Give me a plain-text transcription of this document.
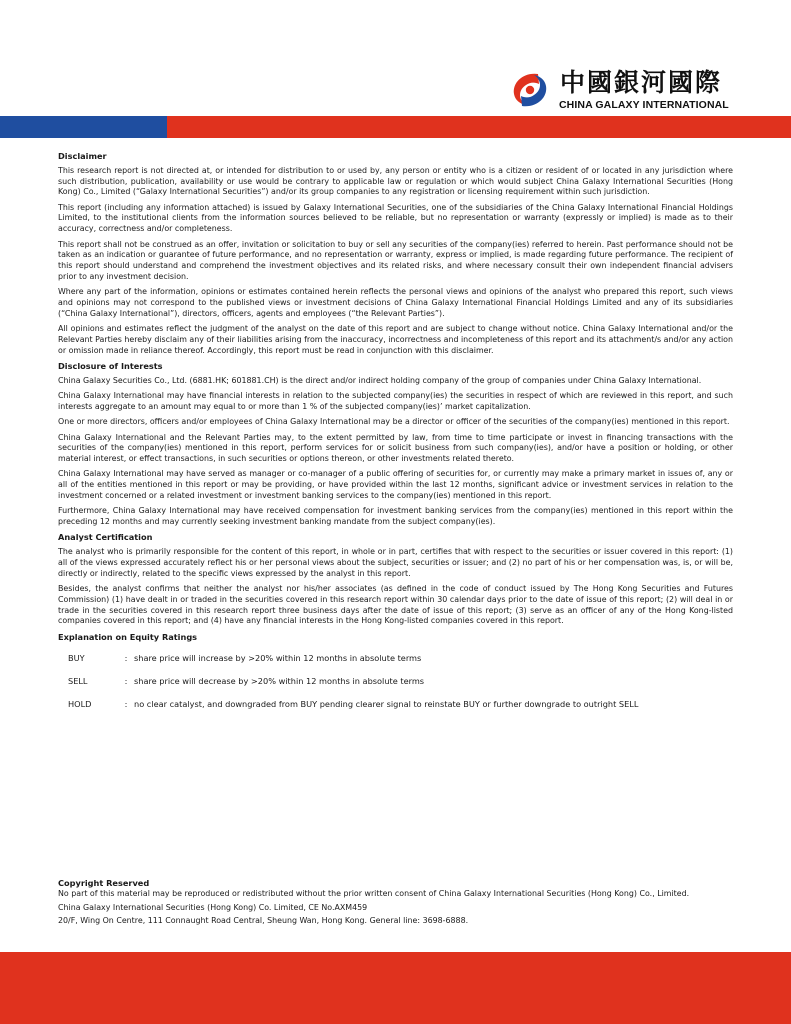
中國銀河國際
CHINA GALAXY INTERNATIONAL
Disclaimer

This research report is not directed at, or intended for distribution to or used by, any person or entity who is a citizen or resident of or located in any jurisdiction where such distribution, publication, availability or use would be contrary to applicable law or regulation or which would subject China Galaxy International Securities (Hong Kong) Co., Limited (“Galaxy International Securities”) and/or its group companies to any registration or licensing requirement within such jurisdiction.

This report (including any information attached) is issued by Galaxy International Securities, one of the subsidiaries of the China Galaxy International Financial Holdings Limited, to the institutional clients from the information sources believed to be reliable, but no representation or warranty (expressly or implied) is made as to their accuracy, correctness and/or completeness.

This report shall not be construed as an offer, invitation or solicitation to buy or sell any securities of the company(ies) referred to herein. Past performance should not be taken as an indication or guarantee of future performance, and no representation or warranty, express or implied, is made regarding future performance. The recipient of this report should understand and comprehend the investment objectives and its related risks, and where necessary consult their own independent financial advisers prior to any investment decision.

Where any part of the information, opinions or estimates contained herein reflects the personal views and opinions of the analyst who prepared this report, such views and opinions may not correspond to the published views or investment decisions of China Galaxy International Financial Holdings Limited and any of its subsidiaries (“China Galaxy International”), directors, officers, agents and employees (“the Relevant Parties”).

All opinions and estimates reflect the judgment of the analyst on the date of this report and are subject to change without notice. China Galaxy International and/or the Relevant Parties hereby disclaim any of their liabilities arising from the inaccuracy, incorrectness and incompleteness of this report and its attachment/s and/or any action or omission made in reliance thereof. Accordingly, this report must be read in conjunction with this disclaimer.

Disclosure of Interests

China Galaxy Securities Co., Ltd. (6881.HK; 601881.CH) is the direct and/or indirect holding company of the group of companies under China Galaxy International.

China Galaxy International may have financial interests in relation to the subjected company(ies) the securities in respect of which are reviewed in this report, and such interests aggregate to an amount may equal to or more than 1 % of the subjected company(ies)’ market capitalization.

One or more directors, officers and/or employees of China Galaxy International may be a director or officer of the securities of the company(ies) mentioned in this report.

China Galaxy International and the Relevant Parties may, to the extent permitted by law, from time to time participate or invest in financing transactions with the securities of the company(ies) mentioned in this report, perform services for or solicit business from such company(ies), and/or have a position or holding, or other material interest, or effect transactions, in such securities or options thereon, or other investments related thereto.

China Galaxy International may have served as manager or co-manager of a public offering of securities for, or currently may make a primary market in issues of, any or all of the entities mentioned in this report or may be providing, or have provided within the last 12 months, significant advice or investment services in relation to the investment concerned or a related investment or investment banking services to the company(ies) mentioned in this report.

Furthermore, China Galaxy International may have received compensation for investment banking services from the company(ies) mentioned in this report within the preceding 12 months and may currently seeking investment banking mandate from the subject company(ies).

Analyst Certification

The analyst who is primarily responsible for the content of this report, in whole or in part, certifies that with respect to the securities or issuer covered in this report: (1) all of the views expressed accurately reflect his or her personal views about the subject, securities or issuer; and (2) no part of his or her compensation was, is, or will be, directly or indirectly, related to the specific views expressed by the analyst in this report.

Besides, the analyst confirms that neither the analyst nor his/her associates (as defined in the code of conduct issued by The Hong Kong Securities and Futures Commission) (1) have dealt in or traded in the securities covered in this research report within 30 calendar days prior to the date of issue of this report; (2) will deal in or trade in the securities covered in this research report three business days after the date of issue of this report; (3) serve as an officer of any of the Hong Kong-listed companies covered in this report; and (4) have any financial interests in the Hong Kong-listed companies covered in this report.

Explanation on Equity Ratings
BUY	: share price will increase by >20% within 12 months in absolute terms
SELL	: share price will decrease by >20% within 12 months in absolute terms
HOLD	: no clear catalyst, and downgraded from BUY pending clearer signal to reinstate BUY or further downgrade to outright SELL
Copyright Reserved

No part of this material may be reproduced or redistributed without the prior written consent of China Galaxy International Securities (Hong Kong) Co., Limited.

China Galaxy International Securities (Hong Kong) Co. Limited, CE No.AXM459

20/F, Wing On Centre, 111 Connaught Road Central, Sheung Wan, Hong Kong. General line: 3698-6888.
